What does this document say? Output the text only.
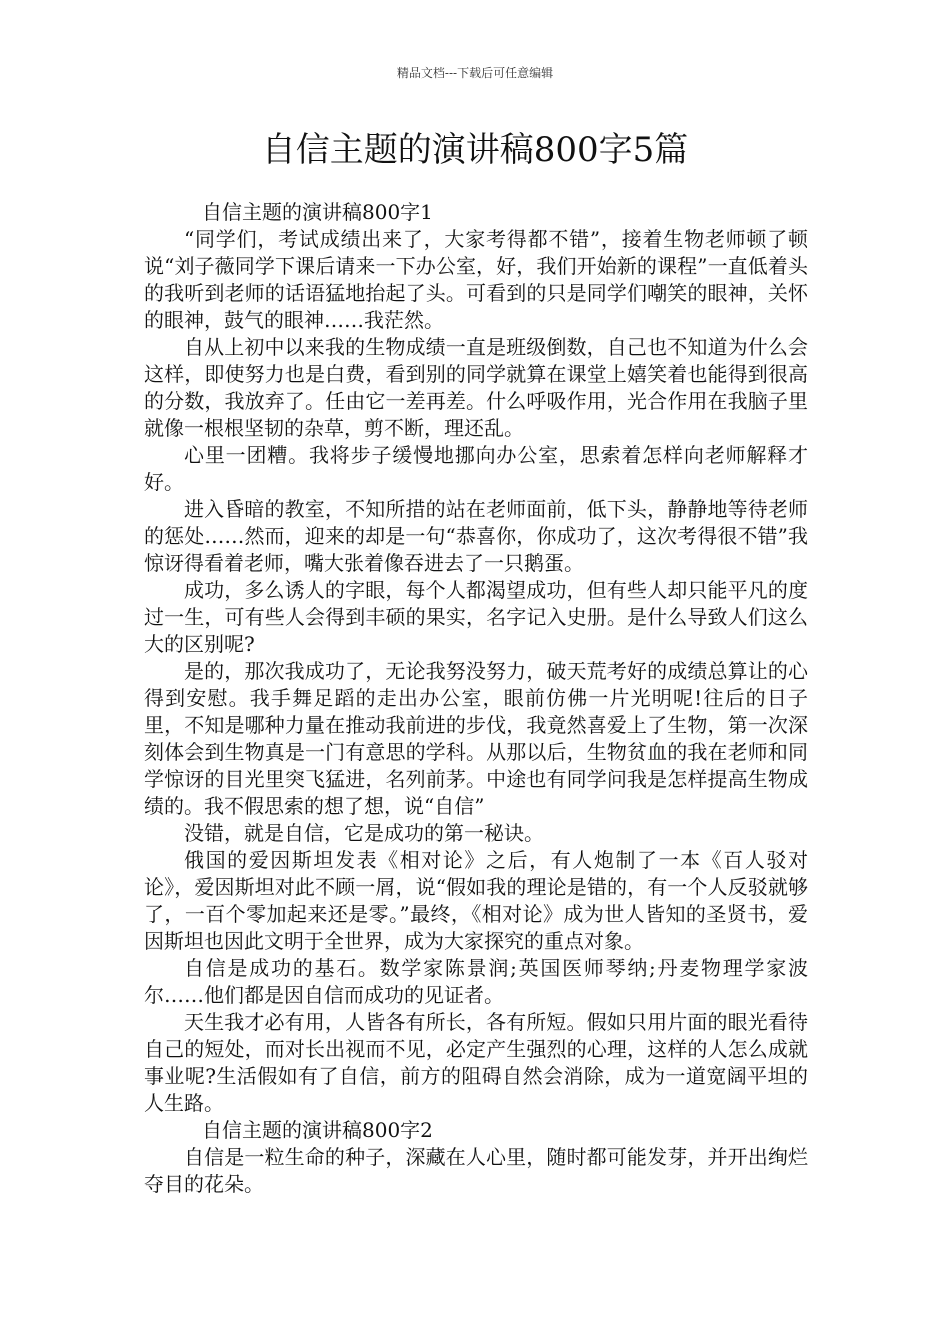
精品文档---下载后可任意编辑
自信主题的演讲稿800字5篇

自信主题的演讲稿800字1

“同学们，考试成绩出来了，大家考得都不错”，接着生物老师顿了顿说“刘子薇同学下课后请来一下办公室，好，我们开始新的课程”一直低着头的我听到老师的话语猛地抬起了头。可看到的只是同学们嘲笑的眼神，关怀的眼神，鼓气的眼神……我茫然。

自从上初中以来我的生物成绩一直是班级倒数，自己也不知道为什么会这样，即使努力也是白费，看到别的同学就算在课堂上嬉笑着也能得到很高的分数，我放弃了。任由它一差再差。什么呼吸作用，光合作用在我脑子里就像一根根坚韧的杂草，剪不断，理还乱。

心里一团糟。我将步子缓慢地挪向办公室，思索着怎样向老师解释才好。

进入昏暗的教室，不知所措的站在老师面前，低下头，静静地等待老师的惩处……然而，迎来的却是一句“恭喜你，你成功了，这次考得很不错”我惊讶得看着老师，嘴大张着像吞进去了一只鹅蛋。

成功，多么诱人的字眼，每个人都渴望成功，但有些人却只能平凡的度过一生，可有些人会得到丰硕的果实，名字记入史册。是什么导致人们这么大的区别呢?

是的，那次我成功了，无论我努没努力，破天荒考好的成绩总算让的心得到安慰。我手舞足蹈的走出办公室，眼前仿佛一片光明呢!往后的日子里，不知是哪种力量在推动我前进的步伐，我竟然喜爱上了生物，第一次深刻体会到生物真是一门有意思的学科。从那以后，生物贫血的我在老师和同学惊讶的目光里突飞猛进，名列前茅。中途也有同学问我是怎样提高生物成绩的。我不假思索的想了想，说“自信”

没错，就是自信，它是成功的第一秘诀。

俄国的爱因斯坦发表《相对论》之后，有人炮制了一本《百人驳对论》，爱因斯坦对此不顾一屑，说“假如我的理论是错的，有一个人反驳就够了，一百个零加起来还是零。”最终，《相对论》成为世人皆知的圣贤书，爱因斯坦也因此文明于全世界，成为大家探究的重点对象。

自信是成功的基石。数学家陈景润;英国医师琴纳;丹麦物理学家波尔……他们都是因自信而成功的见证者。

天生我才必有用，人皆各有所长，各有所短。假如只用片面的眼光看待自己的短处，而对长出视而不见，必定产生强烈的心理，这样的人怎么成就事业呢?生活假如有了自信，前方的阻碍自然会消除，成为一道宽阔平坦的人生路。

自信主题的演讲稿800字2

自信是一粒生命的种子，深藏在人心里，随时都可能发芽，并开出绚烂夺目的花朵。
